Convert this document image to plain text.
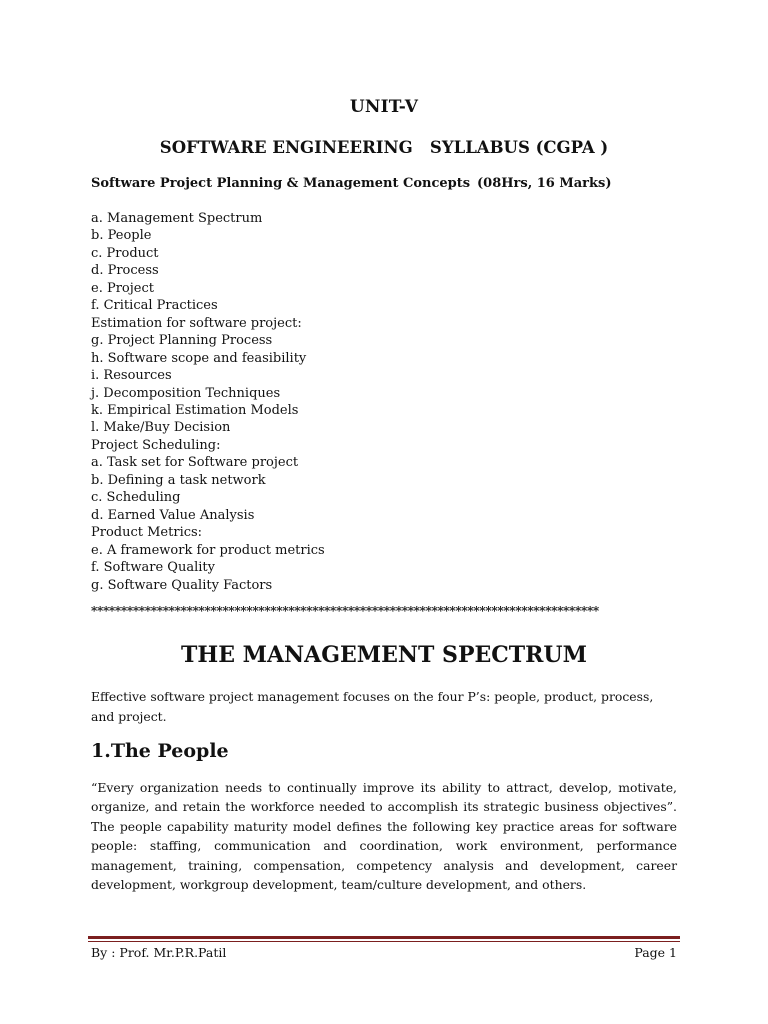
UNIT-V
SOFTWARE ENGINEERING   SYLLABUS (CGPA )
Software Project Planning & Management Concepts (08Hrs, 16 Marks)
a. Management Spectrum
b. People
c. Product
d. Process
e. Project
f. Critical Practices
Estimation for software project:
g. Project Planning Process
h. Software scope and feasibility
i. Resources
j. Decomposition Techniques
k. Empirical Estimation Models
l. Make/Buy Decision
Project Scheduling:
a. Task set for Software project
b. Defining a task network
c. Scheduling
d. Earned Value Analysis
Product Metrics:
e. A framework for product metrics
f. Software Quality
g. Software Quality Factors
*************************************************************************************
THE MANAGEMENT SPECTRUM

Effective software project management focuses on the four P’s: people, product, process, and project.

1.The People

“Every organization needs to continually improve its ability to attract, develop, motivate, organize, and retain the workforce needed to accomplish its strategic business objectives”. The people capability maturity model defines the following key practice areas for software people: staffing, communication and coordination, work environment, performance management, training, compensation, competency analysis and development, career development, workgroup development, team/culture development, and others.

By : Prof. Mr.P.R.Patil	Page 1
